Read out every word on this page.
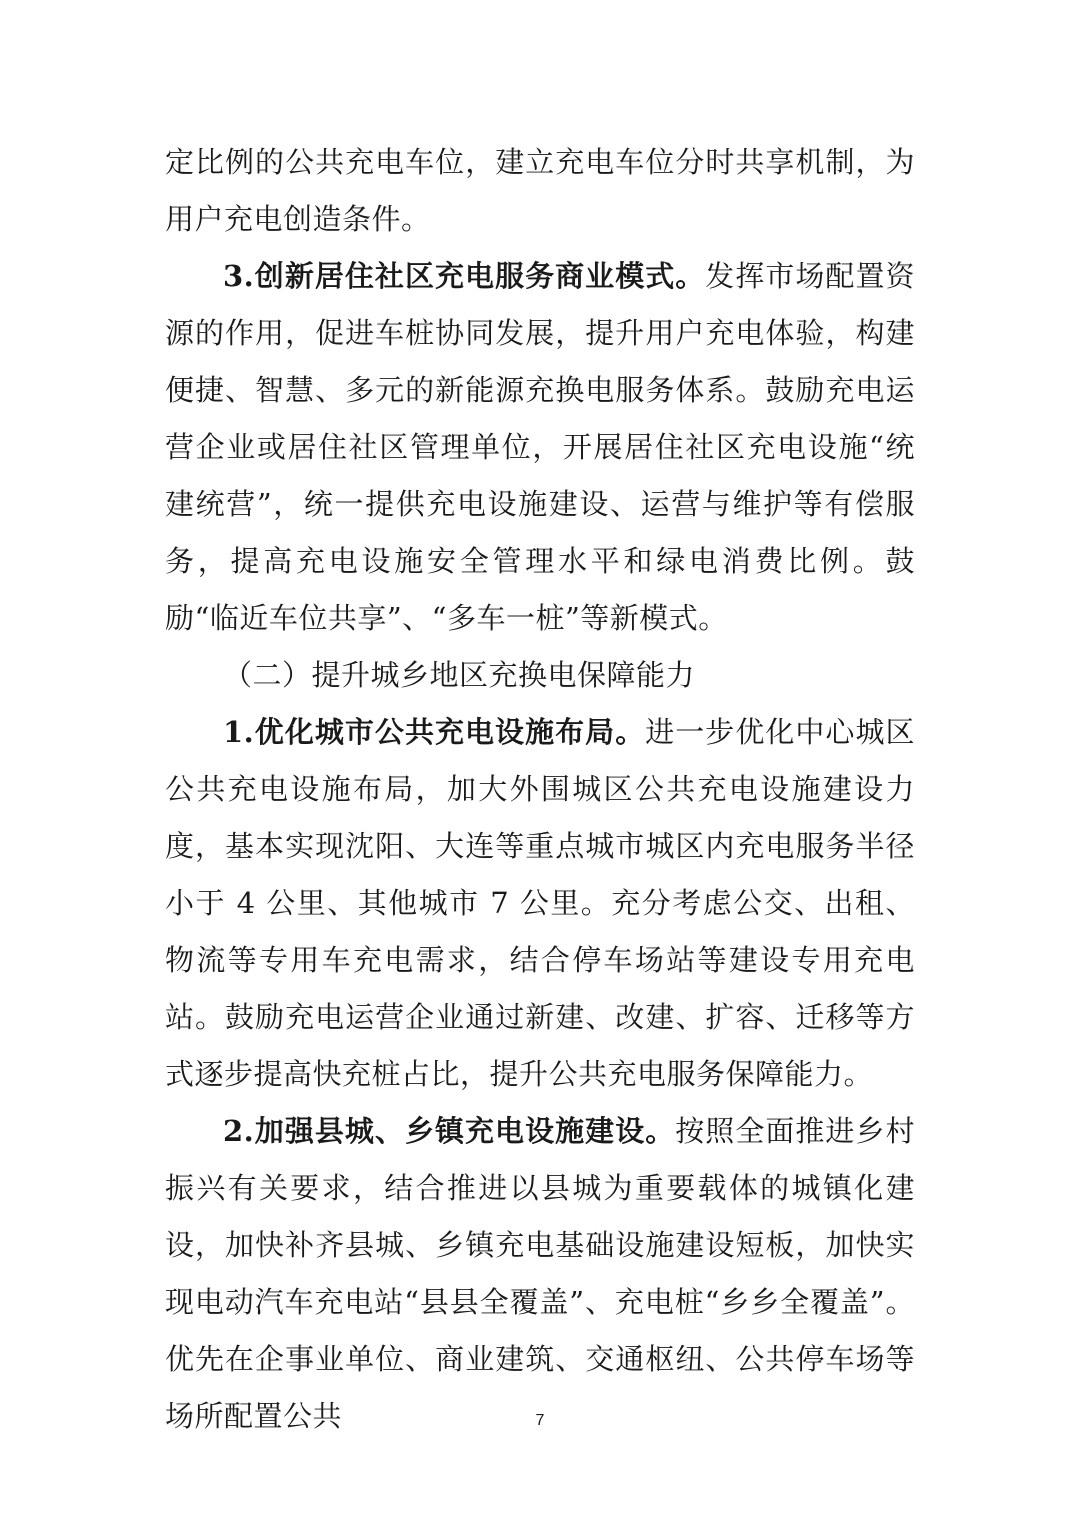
定比例的公共充电车位，建立充电车位分时共享机制，为用户充电创造条件。

3.创新居住社区充电服务商业模式。发挥市场配置资源的作用，促进车桩协同发展，提升用户充电体验，构建便捷、智慧、多元的新能源充换电服务体系。鼓励充电运营企业或居住社区管理单位，开展居住社区充电设施“统建统营”，统一提供充电设施建设、运营与维护等有偿服务，提高充电设施安全管理水平和绿电消费比例。鼓励“临近车位共享”、“多车一桩”等新模式。

（二）提升城乡地区充换电保障能力

1.优化城市公共充电设施布局。进一步优化中心城区公共充电设施布局，加大外围城区公共充电设施建设力度，基本实现沈阳、大连等重点城市城区内充电服务半径小于 4 公里、其他城市 7 公里。充分考虑公交、出租、物流等专用车充电需求，结合停车场站等建设专用充电站。鼓励充电运营企业通过新建、改建、扩容、迁移等方式逐步提高快充桩占比，提升公共充电服务保障能力。

2.加强县城、乡镇充电设施建设。按照全面推进乡村振兴有关要求，结合推进以县城为重要载体的城镇化建设，加快补齐县城、乡镇充电基础设施建设短板，加快实现电动汽车充电站“县县全覆盖”、充电桩“乡乡全覆盖”。优先在企事业单位、商业建筑、交通枢纽、公共停车场等场所配置公共	7
